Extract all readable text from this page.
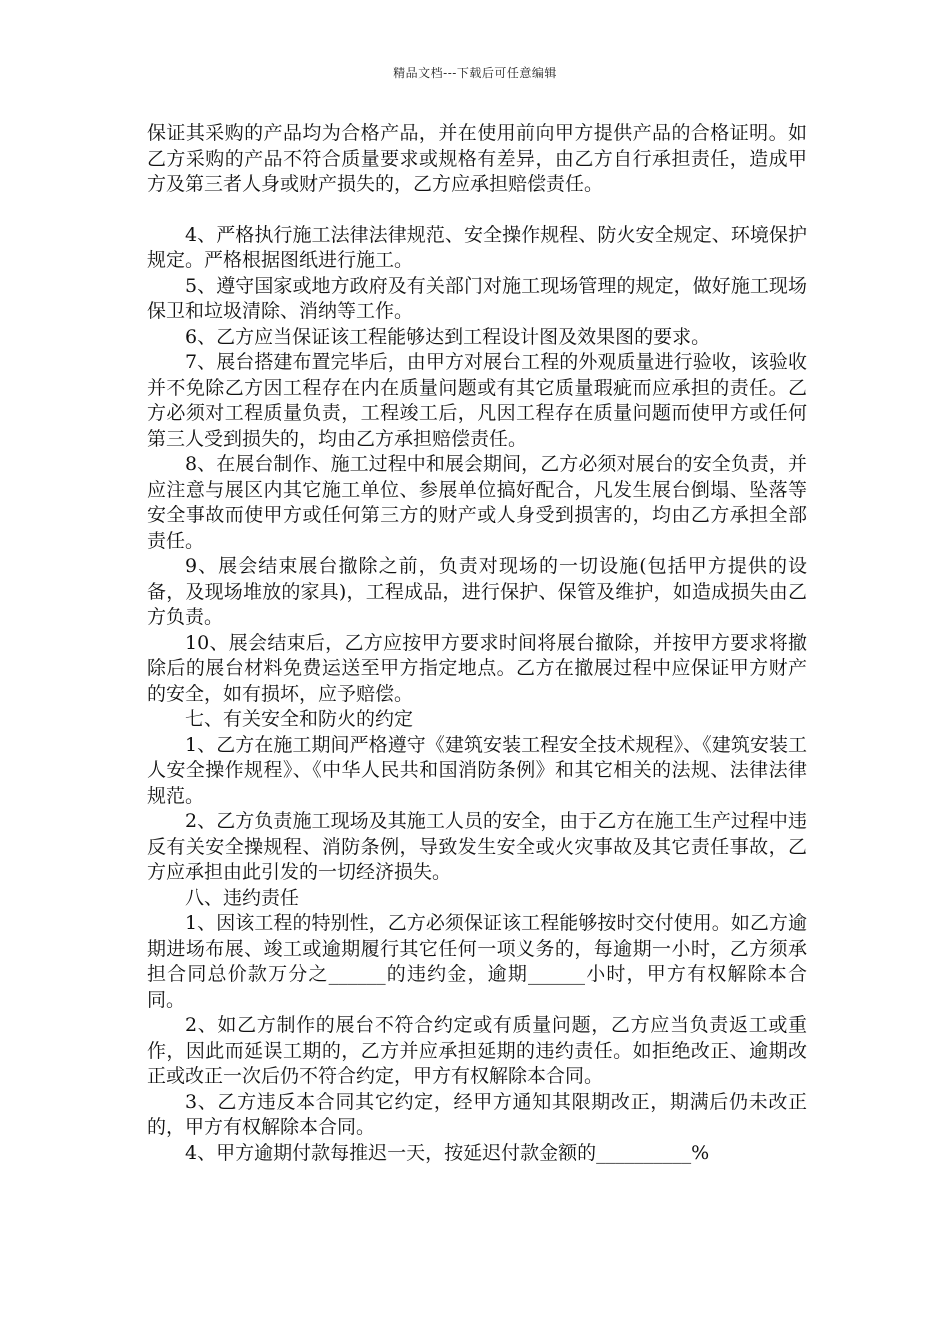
精品文档---下载后可任意编辑

保证其采购的产品均为合格产品，并在使用前向甲方提供产品的合格证明。如乙方采购的产品不符合质量要求或规格有差异，由乙方自行承担责任，造成甲方及第三者人身或财产损失的，乙方应承担赔偿责任。

4、严格执行施工法律法律规范、安全操作规程、防火安全规定、环境保护规定。严格根据图纸进行施工。

5、遵守国家或地方政府及有关部门对施工现场管理的规定，做好施工现场保卫和垃圾清除、消纳等工作。

6、乙方应当保证该工程能够达到工程设计图及效果图的要求。

7、展台搭建布置完毕后，由甲方对展台工程的外观质量进行验收，该验收并不免除乙方因工程存在内在质量问题或有其它质量瑕疵而应承担的责任。乙方必须对工程质量负责，工程竣工后，凡因工程存在质量问题而使甲方或任何第三人受到损失的，均由乙方承担赔偿责任。

8、在展台制作、施工过程中和展会期间，乙方必须对展台的安全负责，并应注意与展区内其它施工单位、参展单位搞好配合，凡发生展台倒塌、坠落等安全事故而使甲方或任何第三方的财产或人身受到损害的，均由乙方承担全部责任。

9、展会结束展台撤除之前，负责对现场的一切设施(包括甲方提供的设备，及现场堆放的家具)，工程成品，进行保护、保管及维护，如造成损失由乙方负责。

10、展会结束后，乙方应按甲方要求时间将展台撤除，并按甲方要求将撤除后的展台材料免费运送至甲方指定地点。乙方在撤展过程中应保证甲方财产的安全，如有损坏，应予赔偿。

七、有关安全和防火的约定

1、乙方在施工期间严格遵守《建筑安装工程安全技术规程》、《建筑安装工人安全操作规程》、《中华人民共和国消防条例》和其它相关的法规、法律法律规范。

2、乙方负责施工现场及其施工人员的安全，由于乙方在施工生产过程中违反有关安全操规程、消防条例，导致发生安全或火灾事故及其它责任事故，乙方应承担由此引发的一切经济损失。

八、违约责任

1、因该工程的特别性，乙方必须保证该工程能够按时交付使用。如乙方逾期进场布展、竣工或逾期履行其它任何一项义务的，每逾期一小时，乙方须承担合同总价款万分之______的违约金，逾期______小时，甲方有权解除本合同。

2、如乙方制作的展台不符合约定或有质量问题，乙方应当负责返工或重作，因此而延误工期的，乙方并应承担延期的违约责任。如拒绝改正、逾期改正或改正一次后仍不符合约定，甲方有权解除本合同。

3、乙方违反本合同其它约定，经甲方通知其限期改正，期满后仍未改正的，甲方有权解除本合同。

4、甲方逾期付款每推迟一天，按延迟付款金额的__________%
